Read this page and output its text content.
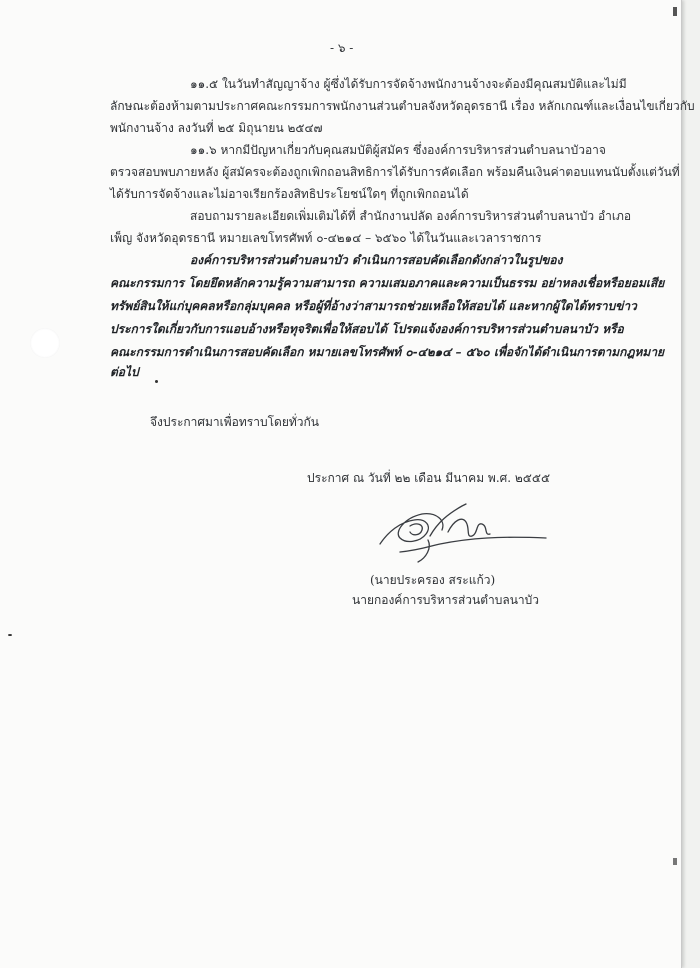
- ๖ -
๑๑.๕ ในวันทำสัญญาจ้าง ผู้ซึ่งได้รับการจัดจ้างพนักงานจ้างจะต้องมีคุณสมบัติและไม่มี
ลักษณะต้องห้ามตามประกาศคณะกรรมการพนักงานส่วนตำบลจังหวัดอุดรธานี เรื่อง หลักเกณฑ์และเงื่อนไขเกี่ยวกับ
พนักงานจ้าง ลงวันที่ ๒๕ มิถุนายน ๒๕๔๗
๑๑.๖ หากมีปัญหาเกี่ยวกับคุณสมบัติผู้สมัคร ซึ่งองค์การบริหารส่วนตำบลนาบัวอาจ
ตรวจสอบพบภายหลัง ผู้สมัครจะต้องถูกเพิกถอนสิทธิการได้รับการคัดเลือก พร้อมคืนเงินค่าตอบแทนนับตั้งแต่วันที่
ได้รับการจัดจ้างและไม่อาจเรียกร้องสิทธิประโยชน์ใดๆ ที่ถูกเพิกถอนได้
สอบถามรายละเอียดเพิ่มเติมได้ที่ สำนักงานปลัด องค์การบริหารส่วนตำบลนาบัว อำเภอ
เพ็ญ จังหวัดอุดรธานี หมายเลขโทรศัพท์ ๐-๔๒๑๔ – ๖๕๖๐ ได้ในวันและเวลาราชการ
องค์การบริหารส่วนตำบลนาบัว ดำเนินการสอบคัดเลือกดังกล่าวในรูปของ
คณะกรรมการ โดยยึดหลักความรู้ความสามารถ ความเสมอภาคและความเป็นธรรม อย่าหลงเชื่อหรือยอมเสีย
ทรัพย์สินให้แก่บุคคลหรือกลุ่มบุคคล หรือผู้ที่อ้างว่าสามารถช่วยเหลือให้สอบได้ และหากผู้ใดได้ทราบข่าว
ประการใดเกี่ยวกับการแอบอ้างหรือทุจริตเพื่อให้สอบได้ โปรดแจ้งองค์การบริหารส่วนตำบลนาบัว หรือ
คณะกรรมการดำเนินการสอบคัดเลือก หมายเลขโทรศัพท์ ๐-๔๒๑๔ – ๕๖๐ เพื่อจักได้ดำเนินการตามกฎหมาย
ต่อไป
จึงประกาศมาเพื่อทราบโดยทั่วกัน
ประกาศ ณ วันที่ ๒๒ เดือน มีนาคม พ.ศ. ๒๕๕๕
(นายประครอง สระแก้ว)
นายกองค์การบริหารส่วนตำบลนาบัว
